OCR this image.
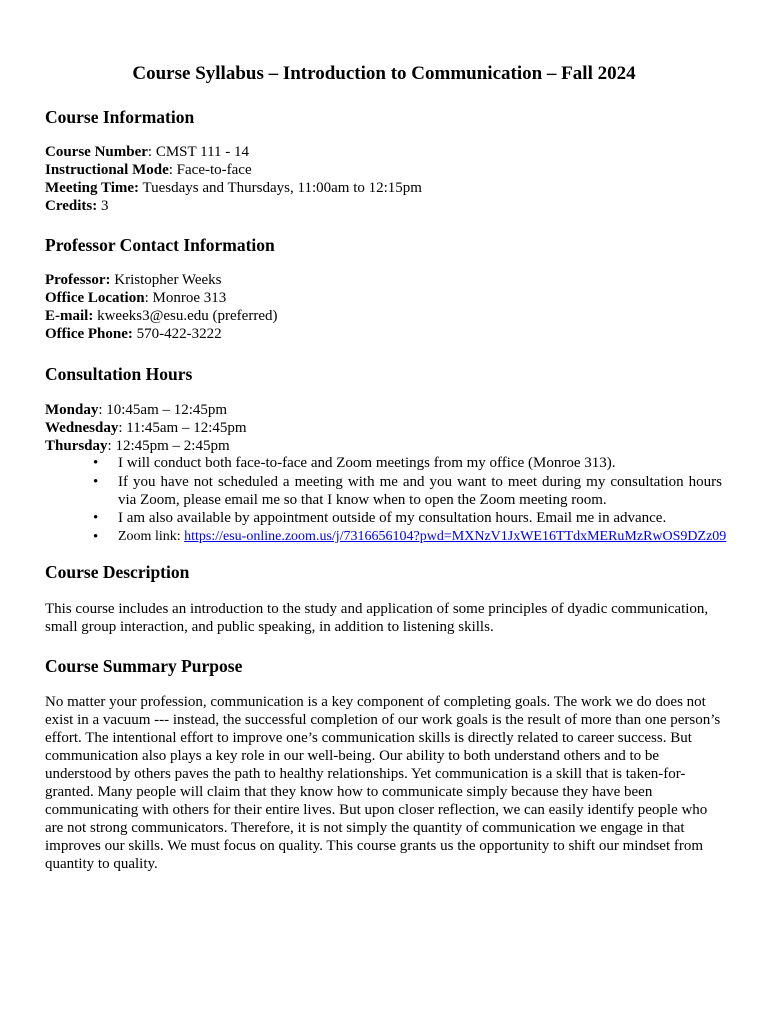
Course Syllabus – Introduction to Communication – Fall 2024
Course Information
Course Number: CMST 111 - 14
Instructional Mode: Face-to-face
Meeting Time: Tuesdays and Thursdays, 11:00am to 12:15pm
Credits: 3
Professor Contact Information
Professor: Kristopher Weeks
Office Location: Monroe 313
E-mail: kweeks3@esu.edu (preferred)
Office Phone: 570-422-3222
Consultation Hours
Monday: 10:45am – 12:45pm
Wednesday: 11:45am – 12:45pm
Thursday: 12:45pm – 2:45pm
• I will conduct both face-to-face and Zoom meetings from my office (Monroe 313).
• If you have not scheduled a meeting with me and you want to meet during my consultation hours via Zoom, please email me so that I know when to open the Zoom meeting room.
• I am also available by appointment outside of my consultation hours. Email me in advance.
• Zoom link: https://esu-online.zoom.us/j/7316656104?pwd=MXNzV1JxWE16TTdxMERuMzRwOS9DZz09
Course Description
This course includes an introduction to the study and application of some principles of dyadic communication, small group interaction, and public speaking, in addition to listening skills.
Course Summary Purpose
No matter your profession, communication is a key component of completing goals. The work we do does not exist in a vacuum --- instead, the successful completion of our work goals is the result of more than one person’s effort. The intentional effort to improve one’s communication skills is directly related to career success. But communication also plays a key role in our well-being. Our ability to both understand others and to be understood by others paves the path to healthy relationships. Yet communication is a skill that is taken-for-granted. Many people will claim that they know how to communicate simply because they have been communicating with others for their entire lives. But upon closer reflection, we can easily identify people who are not strong communicators. Therefore, it is not simply the quantity of communication we engage in that improves our skills. We must focus on quality. This course grants us the opportunity to shift our mindset from quantity to quality.
